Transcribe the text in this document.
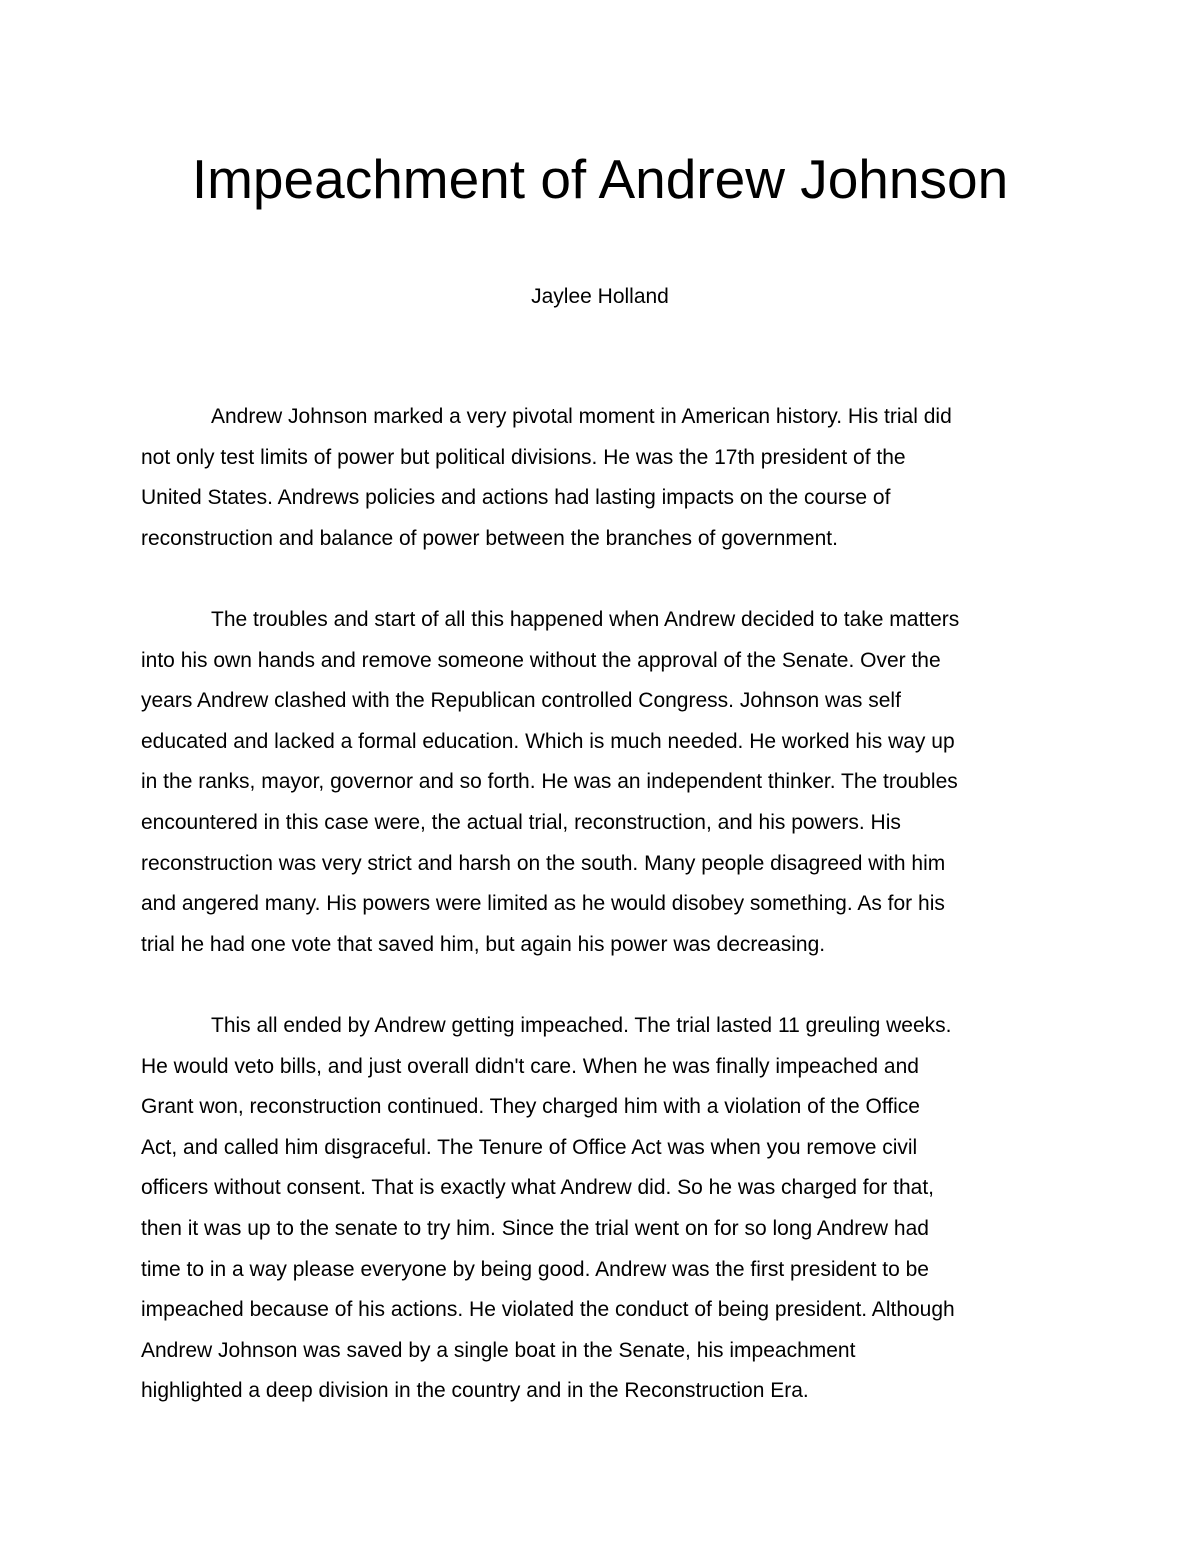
Impeachment of Andrew Johnson

Jaylee Holland

Andrew Johnson marked a very pivotal moment in American history. His trial did
not only test limits of power but political divisions. He was the 17th president of the
United States. Andrews policies and actions had lasting impacts on the course of
reconstruction and balance of power between the branches of government.

The troubles and start of all this happened when Andrew decided to take matters
into his own hands and remove someone without the approval of the Senate. Over the
years Andrew clashed with the Republican controlled Congress. Johnson was self
educated and lacked a formal education. Which is much needed. He worked his way up
in the ranks, mayor, governor and so forth. He was an independent thinker. The troubles
encountered in this case were, the actual trial, reconstruction, and his powers. His
reconstruction was very strict and harsh on the south. Many people disagreed with him
and angered many. His powers were limited as he would disobey something. As for his
trial he had one vote that saved him, but again his power was decreasing.

This all ended by Andrew getting impeached. The trial lasted 11 greuling weeks.
He would veto bills, and just overall didn't care. When he was finally impeached and
Grant won, reconstruction continued. They charged him with a violation of the Office
Act, and called him disgraceful. The Tenure of Office Act was when you remove civil
officers without consent. That is exactly what Andrew did. So he was charged for that,
then it was up to the senate to try him. Since the trial went on for so long Andrew had
time to in a way please everyone by being good. Andrew was the first president to be
impeached because of his actions. He violated the conduct of being president. Although
Andrew Johnson was saved by a single boat in the Senate, his impeachment
highlighted a deep division in the country and in the Reconstruction Era.
